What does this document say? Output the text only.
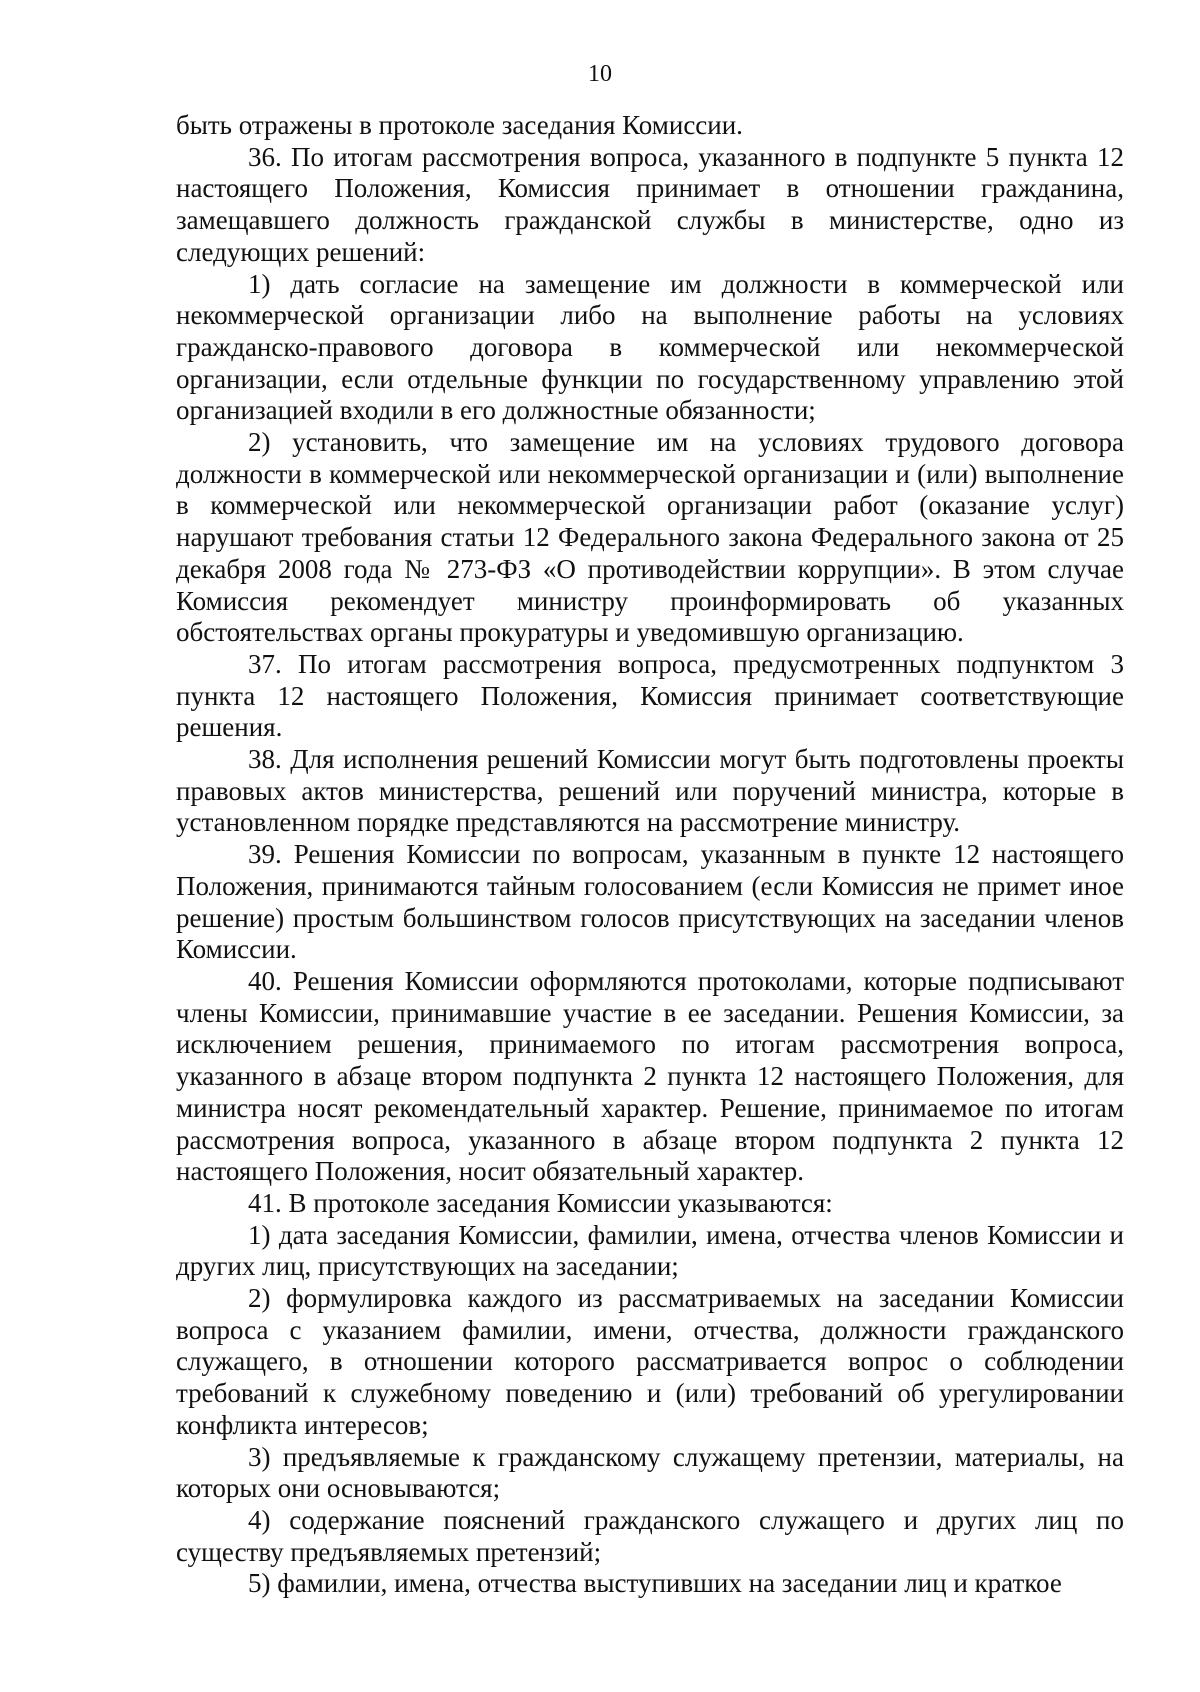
10

быть отражены в протоколе заседания Комиссии.

36. По итогам рассмотрения вопроса, указанного в подпункте 5 пункта 12 настоящего Положения, Комиссия принимает в отношении гражданина, замещавшего должность гражданской службы в министерстве, одно из следующих решений:

1) дать согласие на замещение им должности в коммерческой или некоммерческой организации либо на выполнение работы на условиях гражданско-правового договора в коммерческой или некоммерческой организации, если отдельные функции по государственному управлению этой организацией входили в его должностные обязанности;

2) установить, что замещение им на условиях трудового договора должности в коммерческой или некоммерческой организации и (или) выполнение в коммерческой или некоммерческой организации работ (оказание услуг) нарушают требования статьи 12 Федерального закона Федерального закона от 25 декабря 2008 года № 273-ФЗ «О противодействии коррупции». В этом случае Комиссия рекомендует министру проинформировать об указанных обстоятельствах органы прокуратуры и уведомившую организацию.

37. По итогам рассмотрения вопроса, предусмотренных подпунктом 3 пункта 12 настоящего Положения, Комиссия принимает соответствующие решения.

38. Для исполнения решений Комиссии могут быть подготовлены проекты правовых актов министерства, решений или поручений министра, которые в установленном порядке представляются на рассмотрение министру.

39. Решения Комиссии по вопросам, указанным в пункте 12 настоящего Положения, принимаются тайным голосованием (если Комиссия не примет иное решение) простым большинством голосов присутствующих на заседании членов Комиссии.

40. Решения Комиссии оформляются протоколами, которые подписывают члены Комиссии, принимавшие участие в ее заседании. Решения Комиссии, за исключением решения, принимаемого по итогам рассмотрения вопроса, указанного в абзаце втором подпункта 2 пункта 12 настоящего Положения, для министра носят рекомендательный характер. Решение, принимаемое по итогам рассмотрения вопроса, указанного в абзаце втором подпункта 2 пункта 12 настоящего Положения, носит обязательный характер.

41. В протоколе заседания Комиссии указываются:

1) дата заседания Комиссии, фамилии, имена, отчества членов Комиссии и других лиц, присутствующих на заседании;

2) формулировка каждого из рассматриваемых на заседании Комиссии вопроса с указанием фамилии, имени, отчества, должности гражданского служащего, в отношении которого рассматривается вопрос о соблюдении требований к служебному поведению и (или) требований об урегулировании конфликта интересов;

3) предъявляемые к гражданскому служащему претензии, материалы, на которых они основываются;

4) содержание пояснений гражданского служащего и других лиц по существу предъявляемых претензий;

5) фамилии, имена, отчества выступивших на заседании лиц и краткое
